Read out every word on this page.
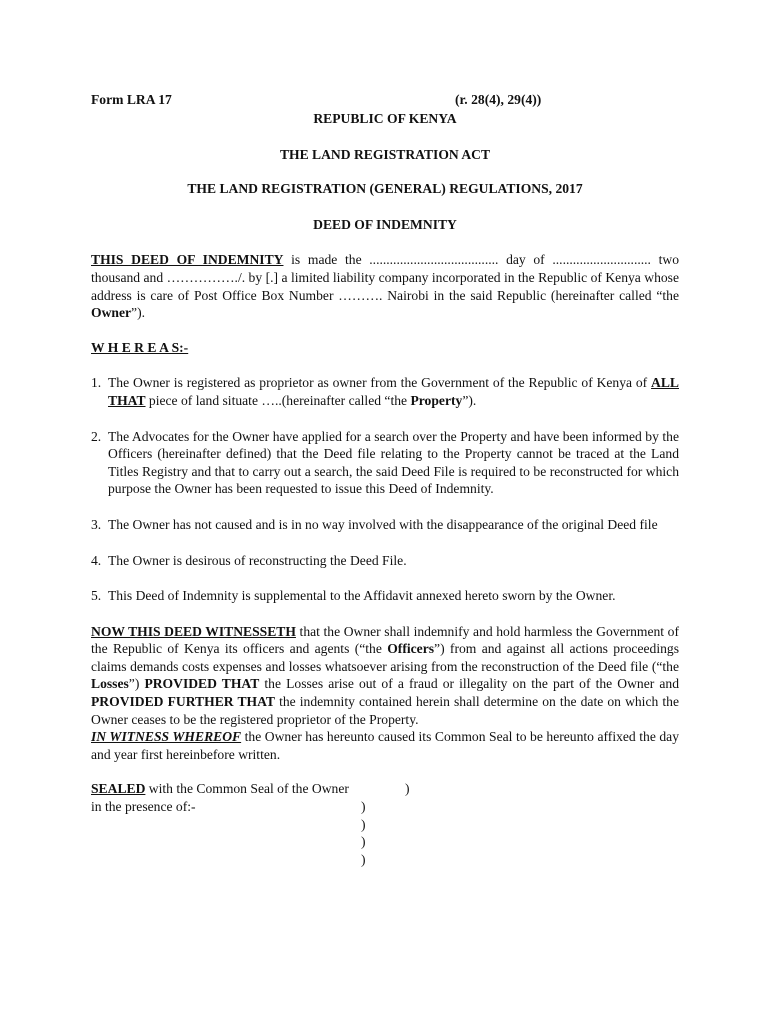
Form LRA 17	(r. 28(4), 29(4))
REPUBLIC OF KENYA
THE LAND REGISTRATION ACT
THE LAND REGISTRATION (GENERAL) REGULATIONS, 2017
DEED OF INDEMNITY

THIS DEED OF INDEMNITY is made the ...................................... day of ............................. two thousand and ……………./. by [.] a limited liability company incorporated in the Republic of Kenya whose address is care of Post Office Box Number ………. Nairobi in the said Republic (hereinafter called “the Owner”).

W H E R E A S:-
1. The Owner is registered as proprietor as owner from the Government of the Republic of Kenya of ALL THAT piece of land situate …..(hereinafter called “the Property”).
2. The Advocates for the Owner have applied for a search over the Property and have been informed by the Officers (hereinafter defined) that the Deed file relating to the Property cannot be traced at the Land Titles Registry and that to carry out a search, the said Deed File is required to be reconstructed for which purpose the Owner has been requested to issue this Deed of Indemnity.
3. The Owner has not caused and is in no way involved with the disappearance of the original Deed file
4. The Owner is desirous of reconstructing the Deed File.
5. This Deed of Indemnity is supplemental to the Affidavit annexed hereto sworn by the Owner.

NOW THIS DEED WITNESSETH that the Owner shall indemnify and hold harmless the Government of the Republic of Kenya its officers and agents (“the Officers”) from and against all actions proceedings claims demands costs expenses and losses whatsoever arising from the reconstruction of the Deed file (“the Losses”) PROVIDED THAT the Losses arise out of a fraud or illegality on the part of the Owner and PROVIDED FURTHER THAT the indemnity contained herein shall determine on the date on which the Owner ceases to be the registered proprietor of the Property.

IN WITNESS WHEREOF the Owner has hereunto caused its Common Seal to be hereunto affixed the day and year first hereinbefore written.

SEALED with the Common Seal of the Owner	)
in the presence of:-	)
)
)
)
